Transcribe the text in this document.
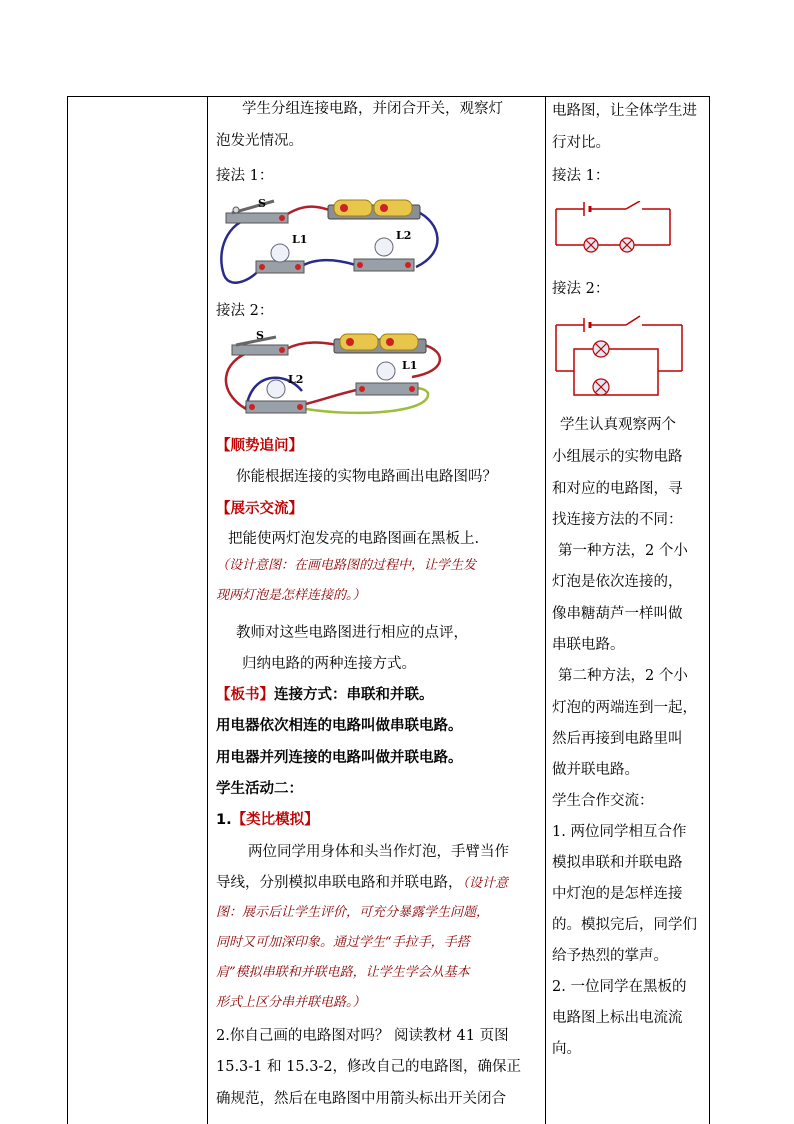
学生分组连接电路，并闭合开关，观察灯
泡发光情况。
接法 1：
S
L1	L2
接法 2：
S
L2
L1
【顺势追问】
你能根据连接的实物电路画出电路图吗？
【展示交流】
把能使两灯泡发亮的电路图画在黑板上.
（设计意图：在画电路图的过程中，让学生发
现两灯泡是怎样连接的。）
教师对这些电路图进行相应的点评，
归纳电路的两种连接方式。
【板书】连接方式：串联和并联。
用电器依次相连的电路叫做串联电路。
用电器并列连接的电路叫做并联电路。
学生活动二：
1.【类比模拟】
两位同学用身体和头当作灯泡，手臂当作
导线，分别模拟串联电路和并联电路，（设计意
图：展示后让学生评价，可充分暴露学生问题，
同时又可加深印象。通过学生“手拉手，手搭
肩”模拟串联和并联电路，让学生学会从基本
形式上区分串并联电路。）
2.你自己画的电路图对吗？ 阅读教材 41 页图
15.3-1 和 15.3-2，修改自己的电路图，确保正
确规范，然后在电路图中用箭头标出开关闭合
电路图，让全体学生进
行对比。
接法 1：
接法 2：
学生认真观察两个
小组展示的实物电路
和对应的电路图，寻
找连接方法的不同：
第一种方法，2 个小
灯泡是依次连接的，
像串糖葫芦一样叫做
串联电路。
第二种方法，2 个小
灯泡的两端连到一起，
然后再接到电路里叫
做并联电路。
学生合作交流：
1. 两位同学相互合作
模拟串联和并联电路
中灯泡的是怎样连接
的。模拟完后，同学们
给予热烈的掌声。
2. 一位同学在黑板的
电路图上标出电流流
向。
